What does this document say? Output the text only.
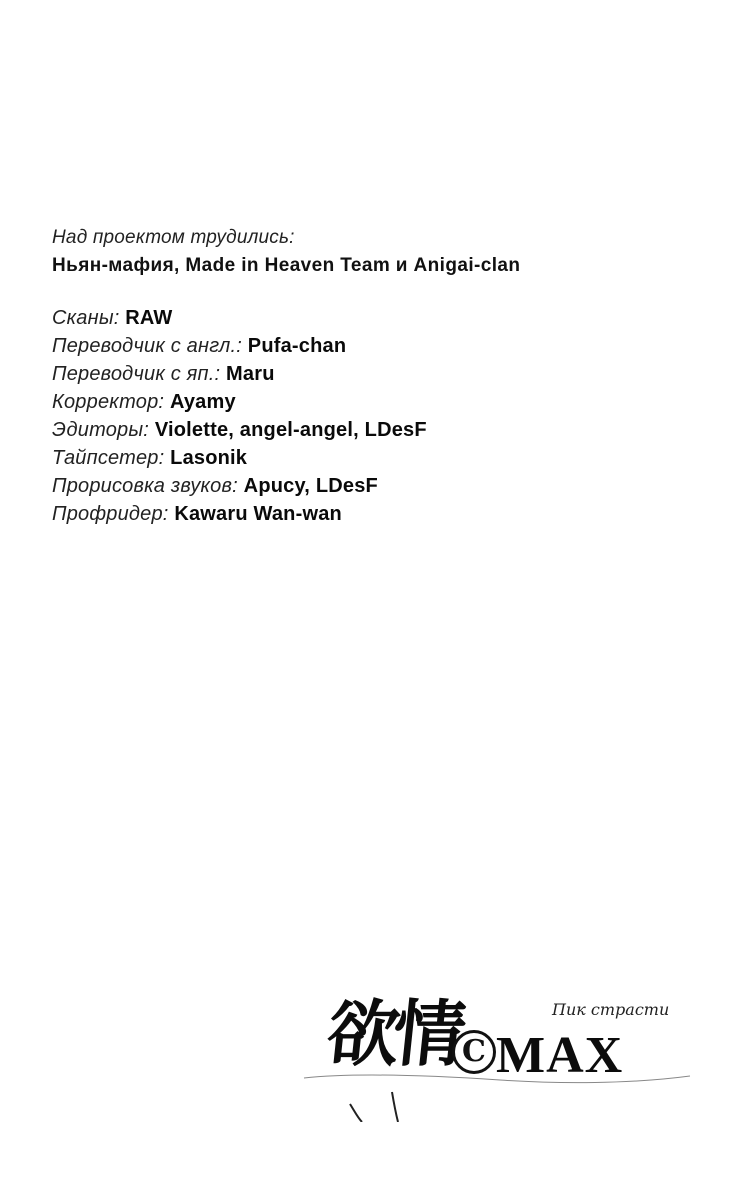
Над проектом трудились:
Ньян-мафия, Made in Heaven Team и Anigai-clan
Сканы: RAW
Переводчик с англ.: Pufa-chan
Переводчик с яп.: Maru
Корректор: Ayamy
Эдиторы: Violette, angel-angel, LDesF
Тайпсетер: Lasonik
Прорисовка звуков: Apucy, LDesF
Профридер: Kawaru Wan-wan
欲情	Пик страсти
C MAX
